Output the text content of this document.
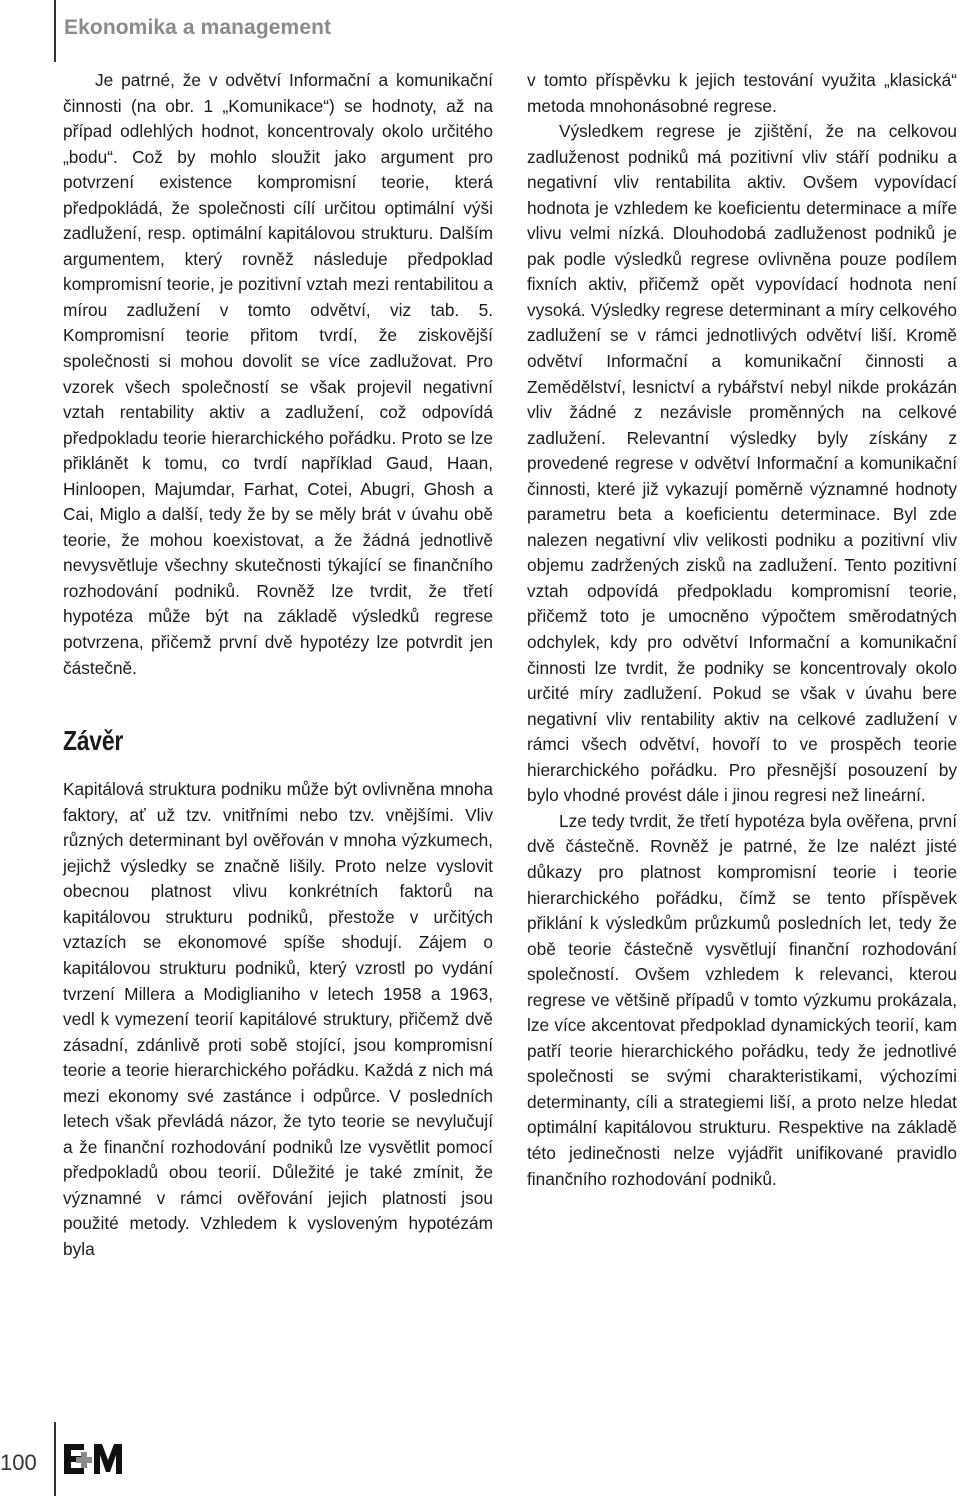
Ekonomika a management

Je patrné, že v odvětví Informační a komunikační činnosti (na obr. 1 „Komunikace“) se hodnoty, až na případ odlehlých hodnot, koncentrovaly okolo určitého „bodu“. Což by mohlo sloužit jako argument pro potvrzení existence kompromisní teorie, která předpokládá, že společnosti cílí určitou optimální výši zadlužení, resp. optimální kapitálovou strukturu. Dalším argumentem, který rovněž následuje předpoklad kompromisní teorie, je pozitivní vztah mezi rentabilitou a mírou zadlužení v tomto odvětví, viz tab. 5. Kompromisní teorie přitom tvrdí, že ziskovější společnosti si mohou dovolit se více zadlužovat. Pro vzorek všech společností se však projevil negativní vztah rentability aktiv a zadlužení, což odpovídá předpokladu teorie hierarchického pořádku. Proto se lze přiklánět k tomu, co tvrdí například Gaud, Haan, Hinloopen, Majumdar, Farhat, Cotei, Abugri, Ghosh a Cai, Miglo a další, tedy že by se měly brát v úvahu obě teorie, že mohou koexistovat, a že žádná jednotlivě nevysvětluje všechny skutečnosti týkající se finančního rozhodování podniků. Rovněž lze tvrdit, že třetí hypotéza může být na základě výsledků regrese potvrzena, přičemž první dvě hypotézy lze potvrdit jen částečně.

Závěr

Kapitálová struktura podniku může být ovlivněna mnoha faktory, ať už tzv. vnitřními nebo tzv. vnějšími. Vliv různých determinant byl ověřován v mnoha výzkumech, jejichž výsledky se značně lišily. Proto nelze vyslovit obecnou platnost vlivu konkrétních faktorů na kapitálovou strukturu podniků, přestože v určitých vztazích se ekonomové spíše shodují. Zájem o kapitálovou strukturu podniků, který vzrostl po vydání tvrzení Millera a Modiglianiho v letech 1958 a 1963, vedl k vymezení teorií kapitálové struktury, přičemž dvě zásadní, zdánlivě proti sobě stojící, jsou kompromisní teorie a teorie hierarchického pořádku. Každá z nich má mezi ekonomy své zastánce i odpůrce. V posledních letech však převládá názor, že tyto teorie se nevylučují a že finanční rozhodování podniků lze vysvětlit pomocí předpokladů obou teorií. Důležité je také zmínit, že významné v rámci ověřování jejich platnosti jsou použité metody. Vzhledem k vysloveným hypotézám byla

v tomto příspěvku k jejich testování využita „klasická“ metoda mnohonásobné regrese.

Výsledkem regrese je zjištění, že na celkovou zadluženost podniků má pozitivní vliv stáří podniku a negativní vliv rentabilita aktiv. Ovšem vypovídací hodnota je vzhledem ke koeficientu determinace a míře vlivu velmi nízká. Dlouhodobá zadluženost podniků je pak podle výsledků regrese ovlivněna pouze podílem fixních aktiv, přičemž opět vypovídací hodnota není vysoká. Výsledky regrese determinant a míry celkového zadlužení se v rámci jednotlivých odvětví liší. Kromě odvětví Informační a komunikační činnosti a Zemědělství, lesnictví a rybářství nebyl nikde prokázán vliv žádné z nezávisle proměnných na celkové zadlužení. Relevantní výsledky byly získány z provedené regrese v odvětví Informační a komunikační činnosti, které již vykazují poměrně významné hodnoty parametru beta a koeficientu determinace. Byl zde nalezen negativní vliv velikosti podniku a pozitivní vliv objemu zadržených zisků na zadlužení. Tento pozitivní vztah odpovídá předpokladu kompromisní teorie, přičemž toto je umocněno výpočtem směrodatných odchylek, kdy pro odvětví Informační a komunikační činnosti lze tvrdit, že podniky se koncentrovaly okolo určité míry zadlužení. Pokud se však v úvahu bere negativní vliv rentability aktiv na celkové zadlužení v rámci všech odvětví, hovoří to ve prospěch teorie hierarchického pořádku. Pro přesnější posouzení by bylo vhodné provést dále i jinou regresi než lineární.

Lze tedy tvrdit, že třetí hypotéza byla ověřena, první dvě částečně. Rovněž je patrné, že lze nalézt jisté důkazy pro platnost kompromisní teorie i teorie hierarchického pořádku, čímž se tento příspěvek přiklání k výsledkům průzkumů posledních let, tedy že obě teorie částečně vysvětlují finanční rozhodování společností. Ovšem vzhledem k relevanci, kterou regrese ve většině případů v tomto výzkumu prokázala, lze více akcentovat předpoklad dynamických teorií, kam patří teorie hierarchického pořádku, tedy že jednotlivé společnosti se svými charakteristikami, výchozími determinanty, cíli a strategiemi liší, a proto nelze hledat optimální kapitálovou strukturu. Respektive na základě této jedinečnosti nelze vyjádřit unifikované pravidlo finančního rozhodování podniků.

100
